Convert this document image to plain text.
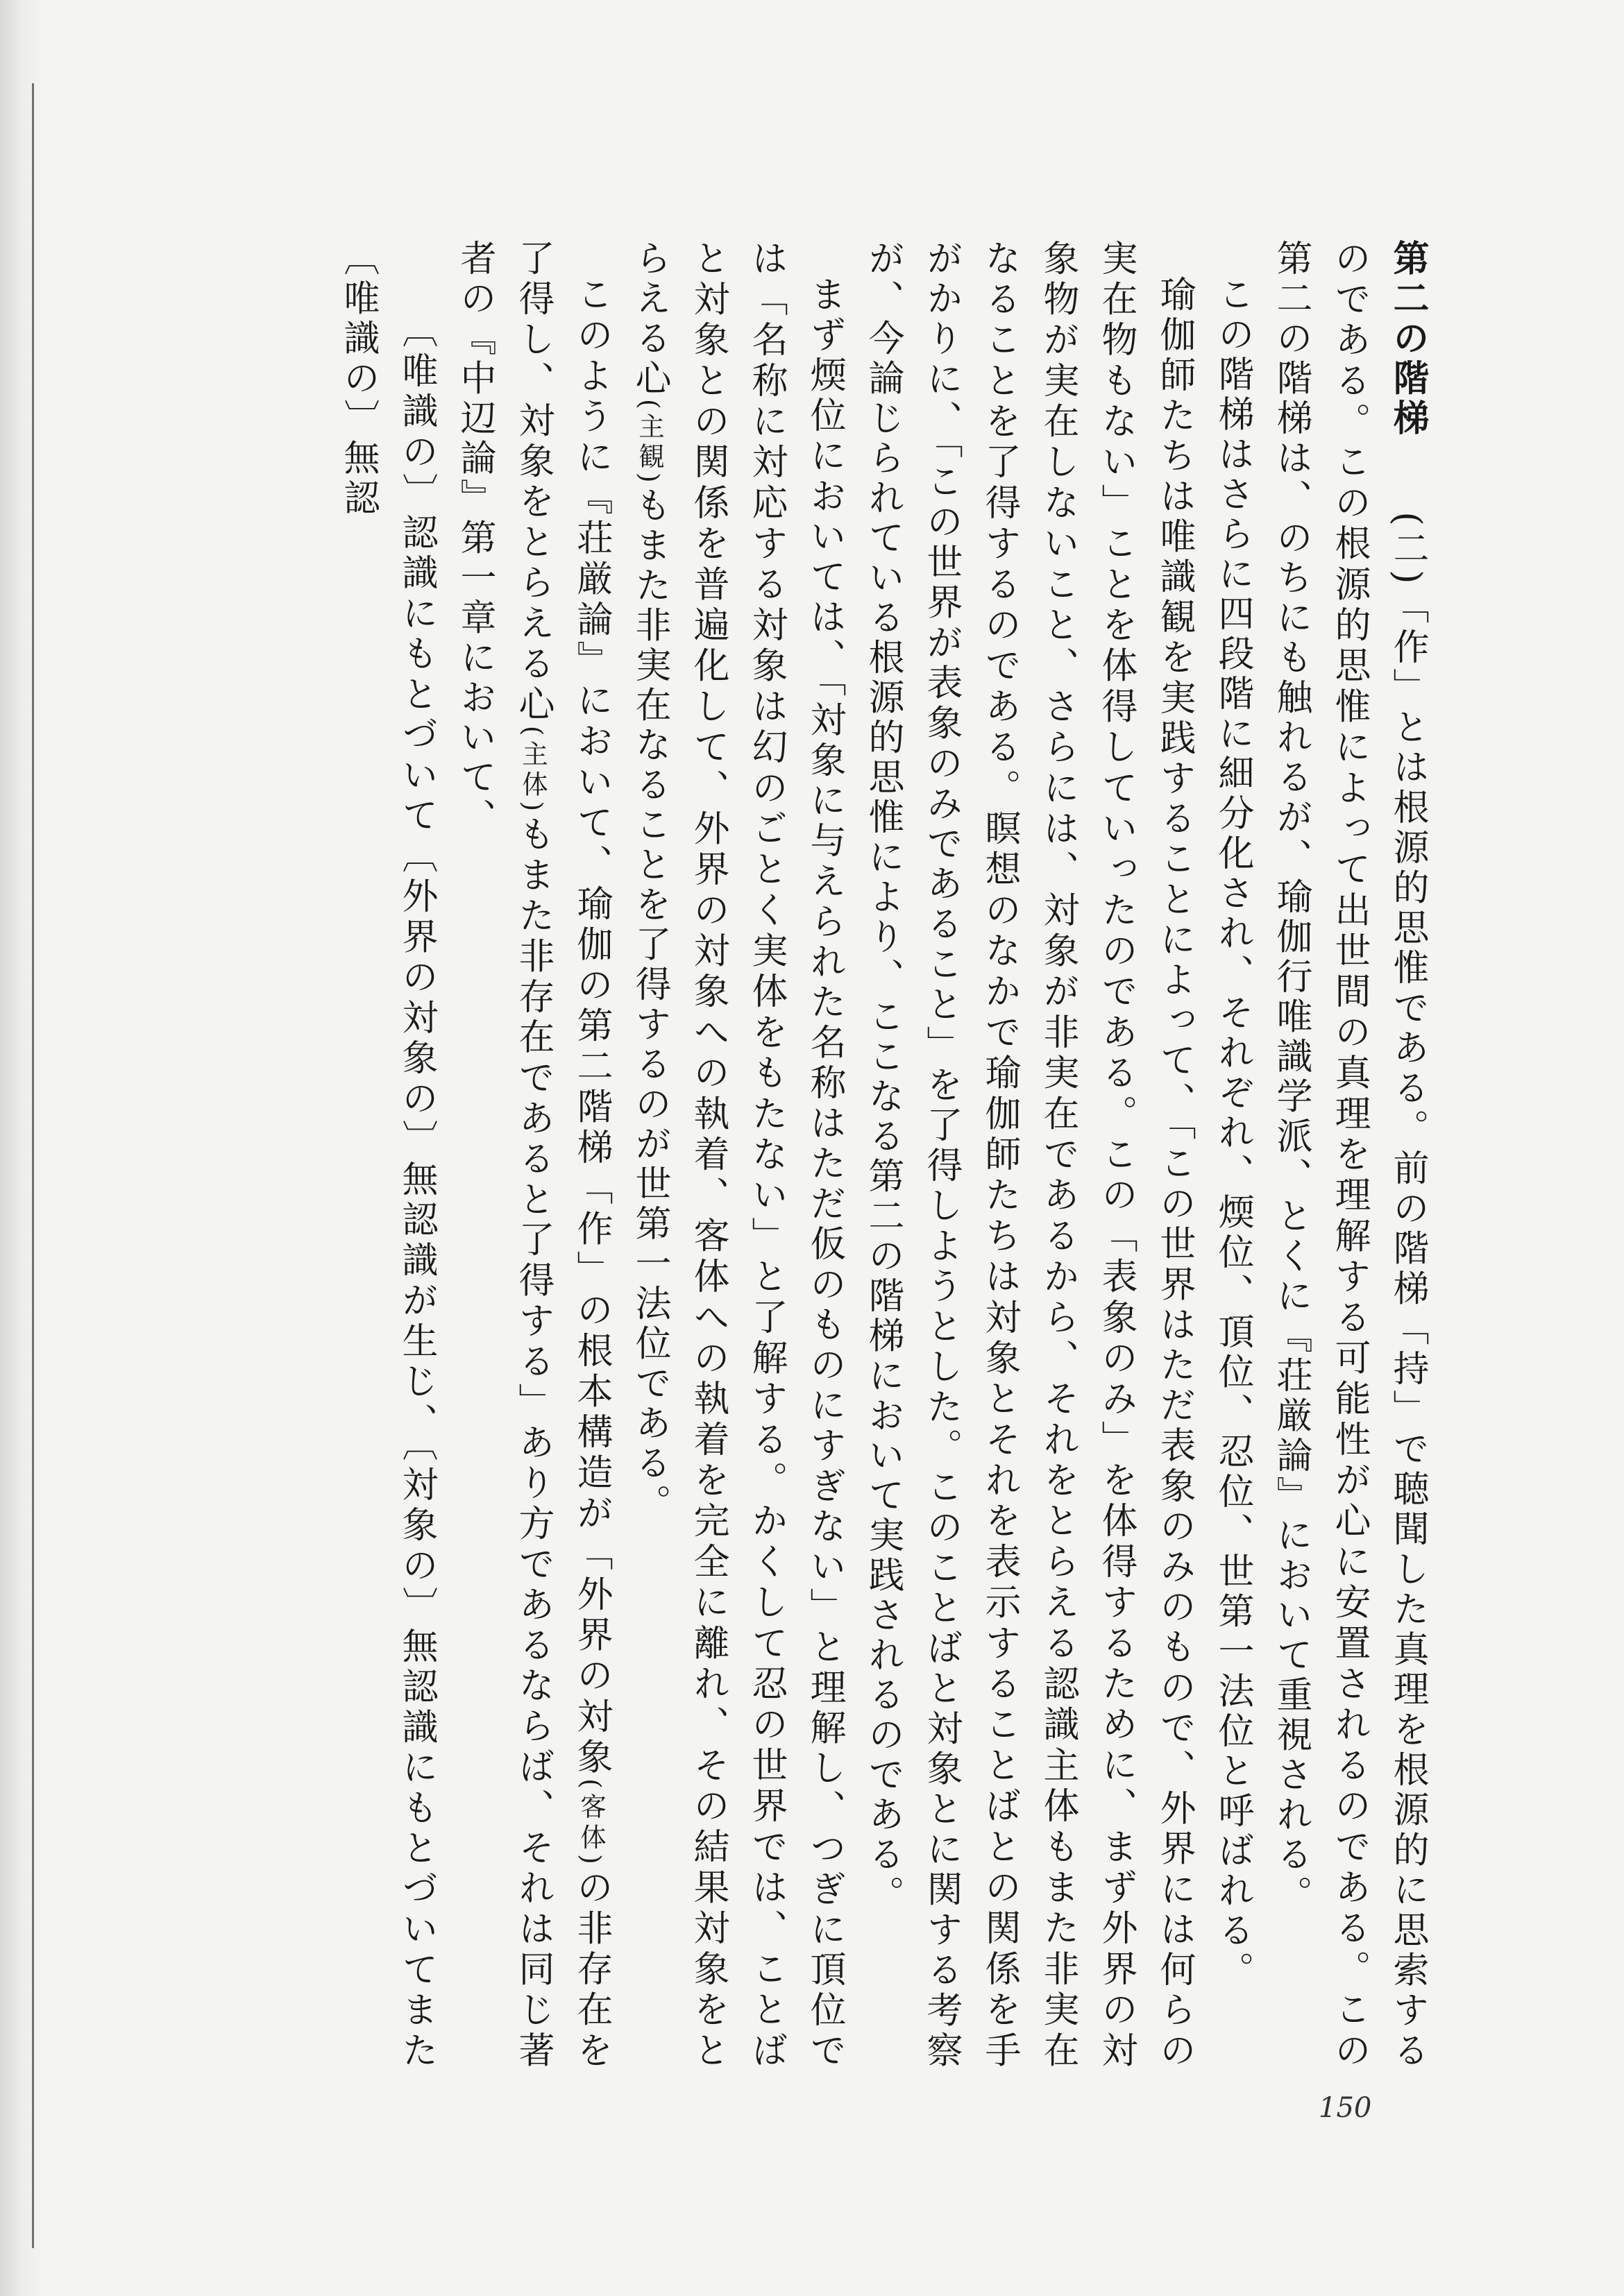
第二の階梯　(二)「作」とは根源的思惟である。前の階梯「持」で聴聞した真理を根源的に思索するのである。この根源的思惟によって出世間の真理を理解する可能性が心に安置されるのである。この第二の階梯は、のちにも触れるが、瑜伽行唯識学派、とくに『荘厳論』において重視される。

この階梯はさらに四段階に細分化され、それぞれ、煗位、頂位、忍位、世第一法位と呼ばれる。

瑜伽師たちは唯識観を実践することによって、「この世界はただ表象のみのもので、外界には何らの実在物もない」ことを体得していったのである。この「表象のみ」を体得するために、まず外界の対象物が実在しないこと、さらには、対象が非実在であるから、それをとらえる認識主体もまた非実在なることを了得するのである。瞑想のなかで瑜伽師たちは対象とそれを表示することばとの関係を手がかりに、「この世界が表象のみであること」を了得しようとした。このことばと対象とに関する考察が、今論じられている根源的思惟により、ここなる第二の階梯において実践されるのである。

まず煗位においては、「対象に与えられた名称はただ仮のものにすぎない」と理解し、つぎに頂位では「名称に対応する対象は幻のごとく実体をもたない」と了解する。かくして忍の世界では、ことばと対象との関係を普遍化して、外界の対象への執着、客体への執着を完全に離れ、その結果対象をとらえる心(主観)もまた非実在なることを了得するのが世第一法位である。

このように『荘厳論』において、瑜伽の第二階梯「作」の根本構造が「外界の対象(客体)の非存在を了得し、対象をとらえる心(主体)もまた非存在であると了得する」あり方であるならば、それは同じ著者の『中辺論』第一章において、

〔唯識の〕認識にもとづいて〔外界の対象の〕無認識が生じ、〔対象の〕無認識にもとづいてまた〔唯識の〕無認

150
